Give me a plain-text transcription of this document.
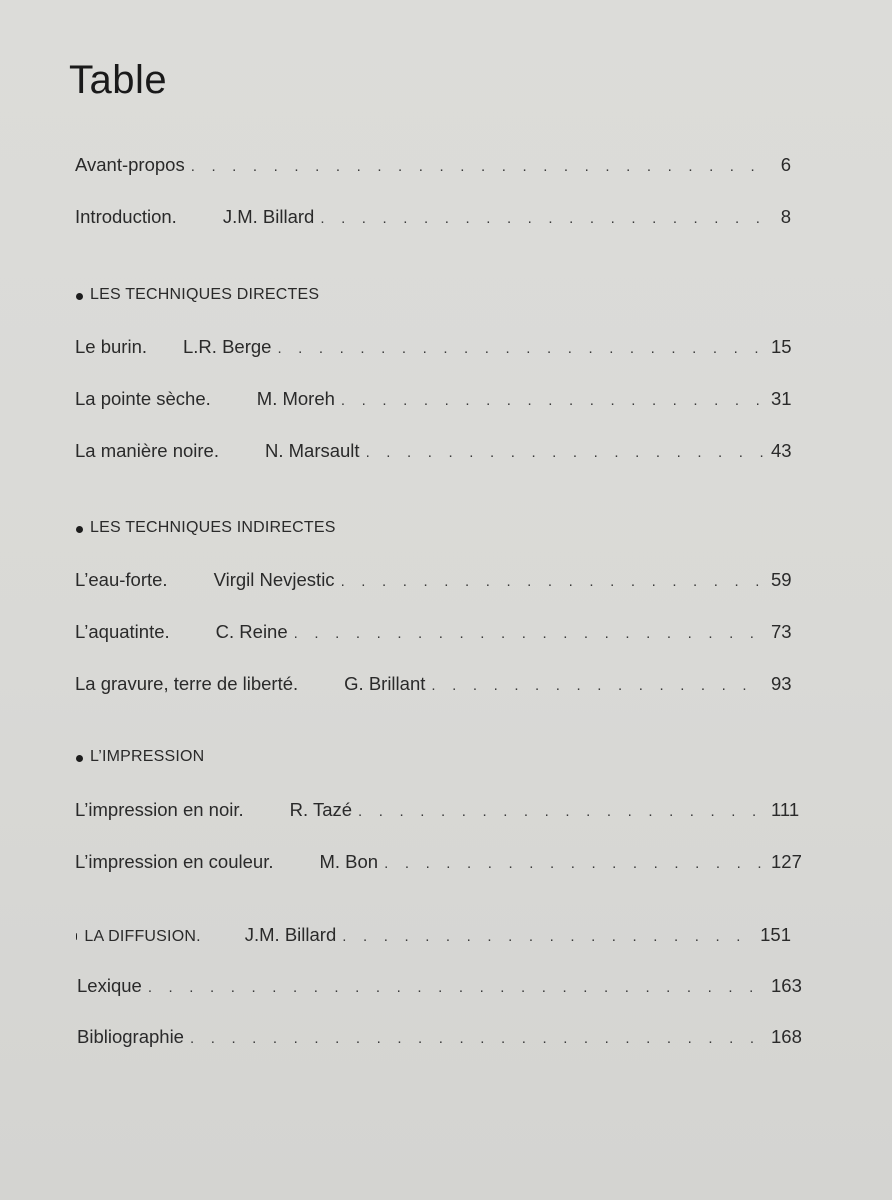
Table
Avant-propos . . .	6
Introduction. J.M. Billard . . .	8
LES TECHNIQUES DIRECTES
Le burin. L.R. Berge . . .	15
La pointe sèche. M. Moreh . . .	31
La manière noire. N. Marsault . . .	43
LES TECHNIQUES INDIRECTES
L’eau-forte. Virgil Nevjestic . . .	59
L’aquatinte. C. Reine . . .	73
La gravure, terre de liberté. G. Brillant . . .	93
L’IMPRESSION
L’impression en noir. R. Tazé . . .	111
L’impression en couleur. M. Bon . . .	127
LA DIFFUSION. J.M. Billard . . .	151
Lexique . . .	163
Bibliographie . . .	168
